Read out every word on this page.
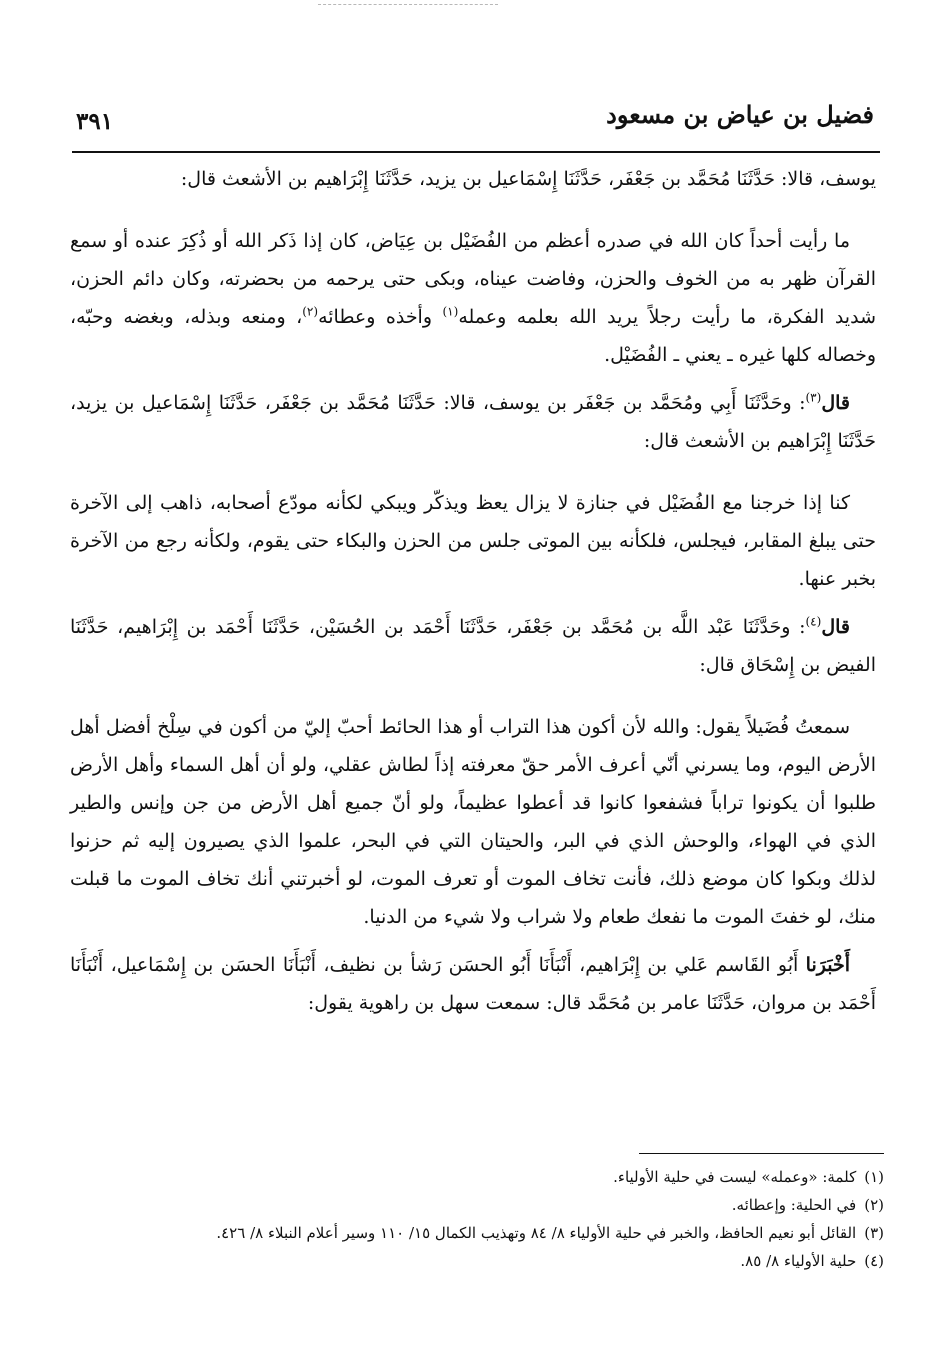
فضيل بن عياض بن مسعود
٣٩١

يوسف، قالا: حَدَّثَنَا مُحَمَّد بن جَعْفَر، حَدَّثَنَا إِسْمَاعيل بن يزيد، حَدَّثَنَا إِبْرَاهيم بن الأشعث قال:

ما رأيت أحداً كان الله في صدره أعظم من الفُضَيْل بن عِيَاض، كان إذا ذَكر الله أو ذُكِرَ عنده أو سمع القرآن ظهر به من الخوف والحزن، وفاضت عيناه، وبكى حتى يرحمه من بحضرته، وكان دائم الحزن، شديد الفكرة، ما رأيت رجلاً يريد الله بعلمه وعمله$^{(١)}$ وأخذه وعطائه$^{(٢)}$، ومنعه وبذله، وبغضه وحبّه، وخصاله كلها غيره ـ يعني ـ الفُضَيْل.

قال$^{(٣)}$: وحَدَّثَنَا أَبِي ومُحَمَّد بن جَعْفَر بن يوسف، قالا: حَدَّثَنَا مُحَمَّد بن جَعْفَر، حَدَّثَنَا إِسْمَاعيل بن يزيد، حَدَّثَنَا إِبْرَاهيم بن الأشعث قال:

كنا إذا خرجنا مع الفُضَيْل في جنازة لا يزال يعظ ويذكّر ويبكي لكأنه مودّع أصحابه، ذاهب إلى الآخرة حتى يبلغ المقابر، فيجلس، فلكأنه بين الموتى جلس من الحزن والبكاء حتى يقوم، ولكأنه رجع من الآخرة بخبر عنها.

قال$^{(٤)}$: وحَدَّثَنَا عَبْد اللَّه بن مُحَمَّد بن جَعْفَر، حَدَّثَنَا أَحْمَد بن الحُسَيْن، حَدَّثَنَا أَحْمَد بن إِبْرَاهيم، حَدَّثَنَا الفيض بن إِسْحَاق قال:

سمعتُ فُضَيلاً يقول: والله لأن أكون هذا التراب أو هذا الحائط أحبّ إليّ من أكون في سِلْخ أفضل أهل الأرض اليوم، وما يسرني أنّي أعرف الأمر حقّ معرفته إذاً لطاش عقلي، ولو أن أهل السماء وأهل الأرض طلبوا أن يكونوا تراباً فشفعوا كانوا قد أعطوا عظيماً، ولو أنّ جميع أهل الأرض من جن وإنس والطير الذي في الهواء، والوحش الذي في البر، والحيتان التي في البحر، علموا الذي يصيرون إليه ثم حزنوا لذلك وبكوا كان موضع ذلك، فأنت تخاف الموت أو تعرف الموت، لو أخبرتني أنك تخاف الموت ما قبلت منك، لو خفتَ الموت ما نفعك طعام ولا شراب ولا شيء من الدنيا.

أَخْبَرَنا أَبُو القَاسم عَلي بن إِبْرَاهيم، أَنْبَأَنَا أَبُو الحسَن رَشأ بن نظيف، أَنْبَأَنَا الحسَن بن إِسْمَاعيل، أَنْبَأَنَا أَحْمَد بن مروان، حَدَّثَنَا عامر بن مُحَمَّد قال: سمعت سهل بن راهوية يقول:

(١)كلمة: «وعمله» ليست في حلية الأولياء.

(٢)في الحلية: وإعطائه.

(٣)القائل أبو نعيم الحافظ، والخبر في حلية الأولياء ٨/ ٨٤ وتهذيب الكمال ١٥/ ١١٠ وسير أعلام النبلاء ٨/ ٤٢٦.

(٤)حلية الأولياء ٨/ ٨٥.
